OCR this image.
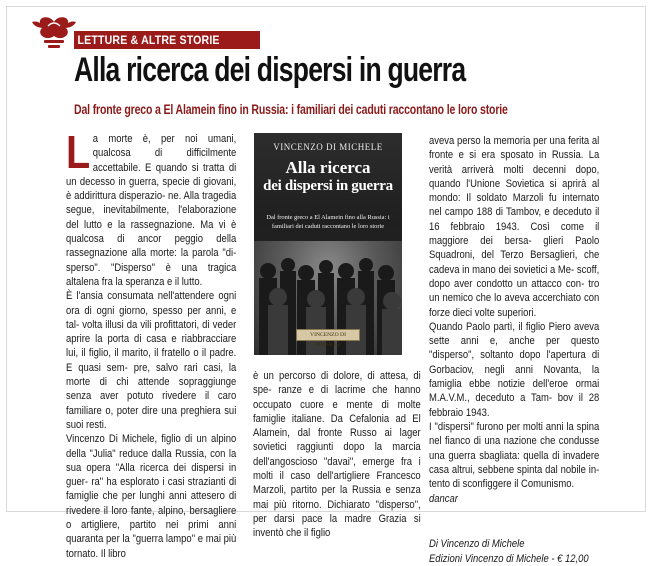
LETTURE & ALTRE STORIE
Alla ricerca dei dispersi in guerra
Dal fronte greco a El Alamein fino in Russia: i familiari dei caduti raccontano le loro storie
L a morte è, per noi umani, qualcosa di difficilmente accettabile. E quando si tratta di un decesso in guerra, specie di giovani, è addirittura disperazio- ne. Alla tragedia segue, inevitabilmente, l'elaborazione del lutto e la rassegnazione. Ma vi è qualcosa di ancor peggio della rassegnazione alla morte: la parola "di- sperso". "Disperso" è una tragica altalena fra la speranza e il lutto.

È l'ansia consumata nell'attendere ogni ora di ogni giorno, spesso per anni, e tal- volta illusi da vili profittatori, di veder aprire la porta di casa e riabbracciare lui, il figlio, il marito, il fratello o il padre. E quasi sem- pre, salvo rari casi, la morte di chi attende sopraggiunge senza aver potuto rivedere il caro familiare o, poter dire una preghiera sui suoi resti.

Vincenzo Di Michele, figlio di un alpino della "Julia" reduce dalla Russia, con la sua opera "Alla ricerca dei dispersi in guer- ra" ha esplorato i casi strazianti di famiglie che per lunghi anni attesero di rivedere il loro fante, alpino, bersagliere o artigliere, partito nei primi anni quaranta per la "guerra lampo" e mai più tornato. Il libro

VINCENZO DI MICHELE
Alla ricerca
dei dispersi in guerra
Dal fronte greco a El Alamein fino alla Russia: i familiari dei caduti raccontano le loro storie
VINCENZO DI MICHELE

è un percorso di dolore, di attesa, di spe- ranze e di lacrime che hanno occupato cuore e mente di molte famiglie italiane. Da Cefalonia ad El Alamein, dal fronte Russo ai lager sovietici raggiunti dopo la marcia dell'angoscioso "davai", emerge fra i molti il caso dell'artigliere Francesco Marzoli, partito per la Russia e senza mai più ritorno. Dichiarato "disperso", per darsi pace la madre Grazia si inventò che il figlio

aveva perso la memoria per una ferita al fronte e si era sposato in Russia. La verità arriverà molti decenni dopo, quando l'Unione Sovietica si aprirà al mondo: Il soldato Marzoli fu internato nel campo 188 di Tambov, e deceduto il 16 febbraio 1943. Così come il maggiore dei bersa- glieri Paolo Squadroni, del Terzo Bersaglieri, che cadeva in mano dei sovietici a Me- scoff, dopo aver condotto un attacco con- tro un nemico che lo aveva accerchiato con forze dieci volte superiori.

Quando Paolo partì, il figlio Piero aveva sette anni e, anche per questo "disperso", soltanto dopo l'apertura di Gorbaciov, negli anni Novanta, la famiglia ebbe notizie dell'eroe ormai M.A.V.M., deceduto a Tam- bov il 28 febbraio 1943.

I "dispersi" furono per molti anni la spina nel fianco di una nazione che condusse una guerra sbagliata: quella di invadere casa altrui, sebbene spinta dal nobile in- tento di sconfiggere il Comunismo.

dancar

Di Vincenzo di Michele

Edizioni Vincenzo di Michele - € 12,00
